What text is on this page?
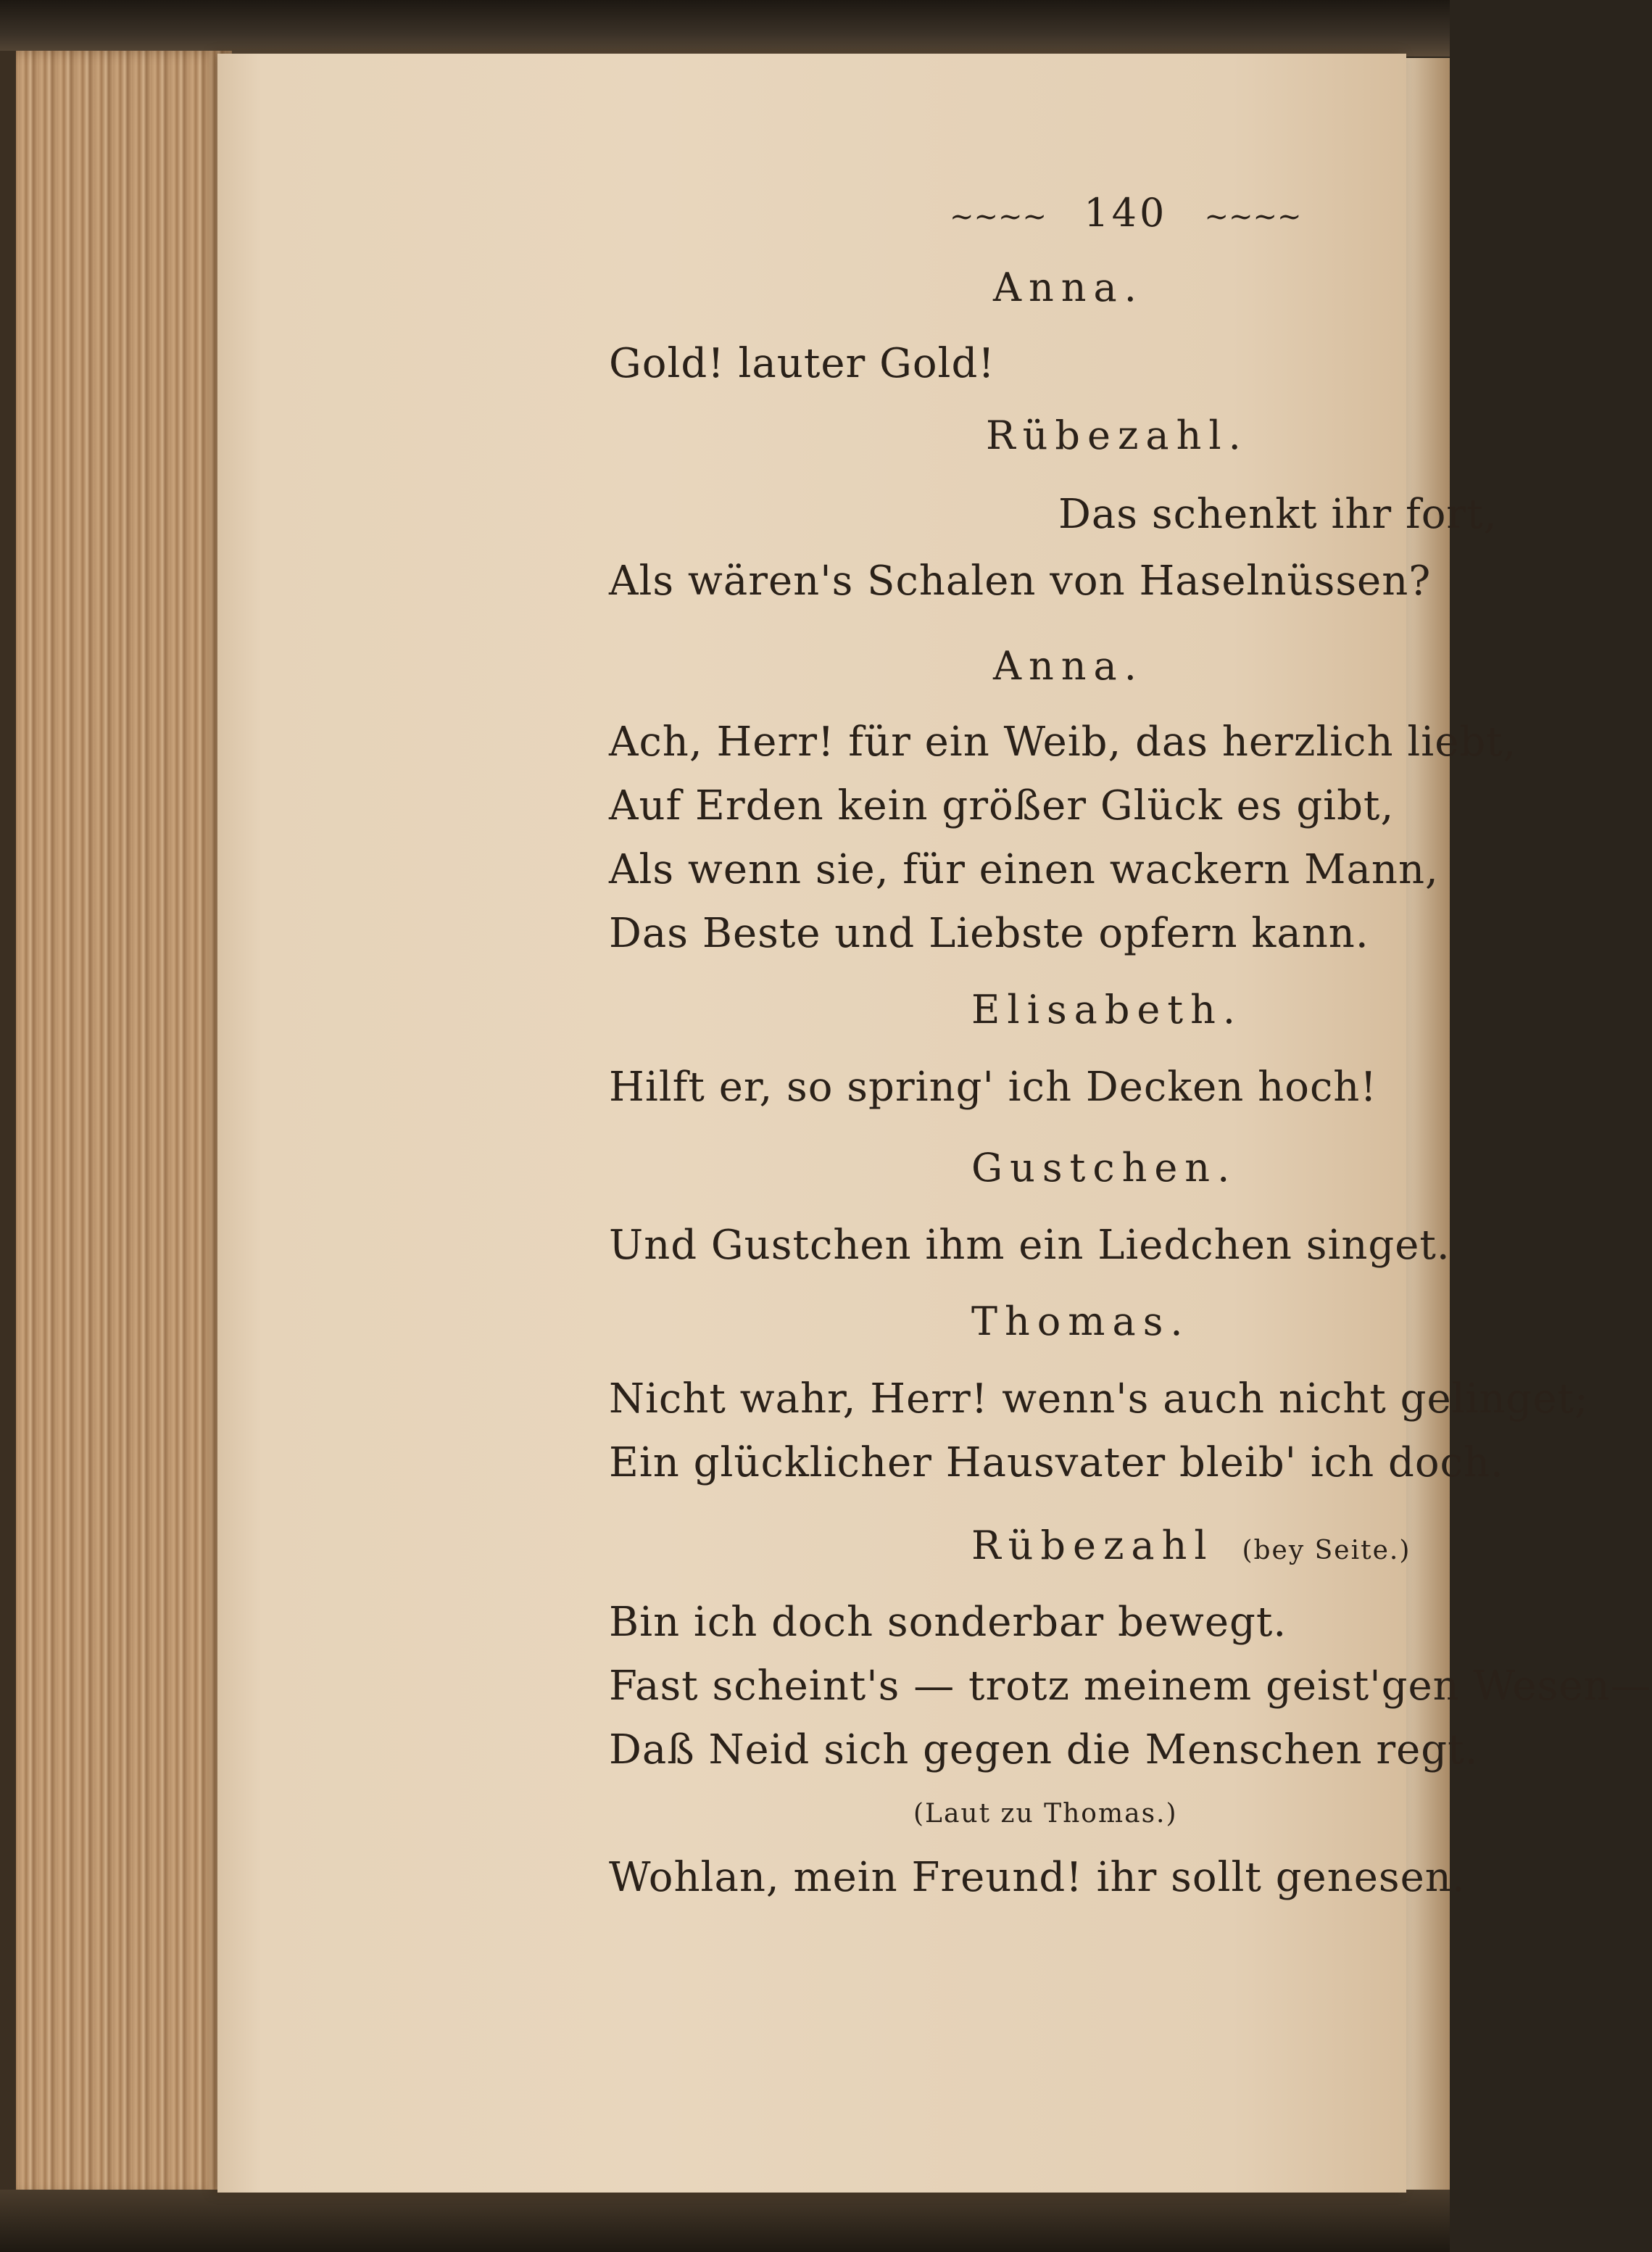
~~~~ 140 ~~~~
Anna.
Gold! lauter Gold!
Rübezahl.
Das schenkt ihr fort,
Als wären's Schalen von Haselnüssen?
Anna.
Ach, Herr! für ein Weib, das herzlich liebt,
Auf Erden kein größer Glück es gibt,
Als wenn sie, für einen wackern Mann,
Das Beste und Liebste opfern kann.
Elisabeth.
Hilft er, so spring' ich Decken hoch!
Gustchen.
Und Gustchen ihm ein Liedchen singet.
Thomas.
Nicht wahr, Herr! wenn's auch nicht gelinget;
Ein glücklicher Hausvater bleib' ich doch.
Rübezahl (bey Seite.)
Bin ich doch sonderbar bewegt.
Fast scheint's — trotz meinem geist'gen Wesen—
Daß Neid sich gegen die Menschen regt.
(Laut zu Thomas.)
Wohlan, mein Freund! ihr sollt genesen.
